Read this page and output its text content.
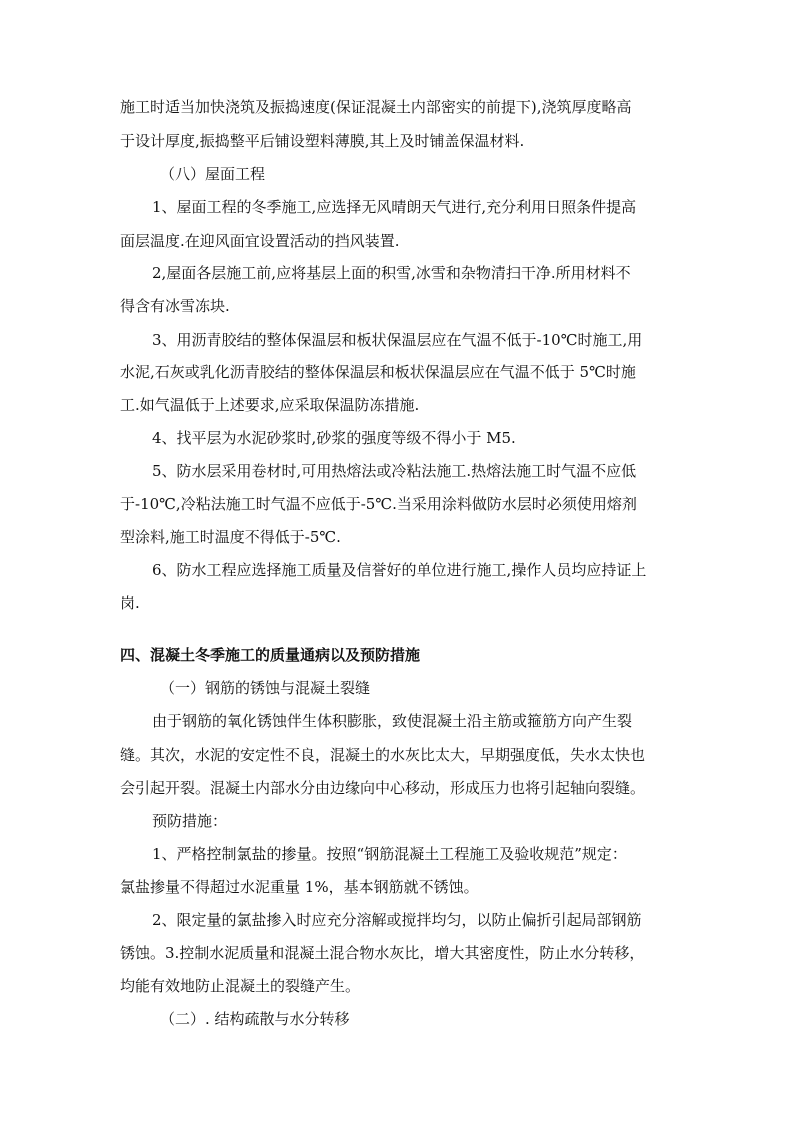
施工时适当加快浇筑及振捣速度(保证混凝土内部密实的前提下),浇筑厚度略高
于设计厚度,振捣整平后铺设塑料薄膜,其上及时铺盖保温材料.
（八）屋面工程
1、屋面工程的冬季施工,应选择无风晴朗天气进行,充分利用日照条件提高
面层温度.在迎风面宜设置活动的挡风装置.
2,屋面各层施工前,应将基层上面的积雪,冰雪和杂物清扫干净.所用材料不
得含有冰雪冻块.
3、用沥青胶结的整体保温层和板状保温层应在气温不低于-10℃时施工,用
水泥,石灰或乳化沥青胶结的整体保温层和板状保温层应在气温不低于 5℃时施
工.如气温低于上述要求,应采取保温防冻措施.
4、找平层为水泥砂浆时,砂浆的强度等级不得小于 M5.
5、防水层采用卷材时,可用热熔法或冷粘法施工.热熔法施工时气温不应低
于-10℃,冷粘法施工时气温不应低于-5℃.当采用涂料做防水层时必须使用熔剂
型涂料,施工时温度不得低于-5℃.
6、防水工程应选择施工质量及信誉好的单位进行施工,操作人员均应持证上
岗.
四、混凝土冬季施工的质量通病以及预防措施
（一）钢筋的锈蚀与混凝土裂缝
由于钢筋的氧化锈蚀伴生体积膨胀，致使混凝土沿主筋或箍筋方向产生裂
缝。其次，水泥的安定性不良，混凝土的水灰比太大，早期强度低，失水太快也
会引起开裂。混凝土内部水分由边缘向中心移动，形成压力也将引起轴向裂缝。
预防措施：
1、严格控制氯盐的掺量。按照“钢筋混凝土工程施工及验收规范”规定：
氯盐掺量不得超过水泥重量 1%，基本钢筋就不锈蚀。
2、限定量的氯盐掺入时应充分溶解或搅拌均匀，以防止偏折引起局部钢筋
锈蚀。3.控制水泥质量和混凝土混合物水灰比，增大其密度性，防止水分转移，
均能有效地防止混凝土的裂缝产生。
（二）. 结构疏散与水分转移
